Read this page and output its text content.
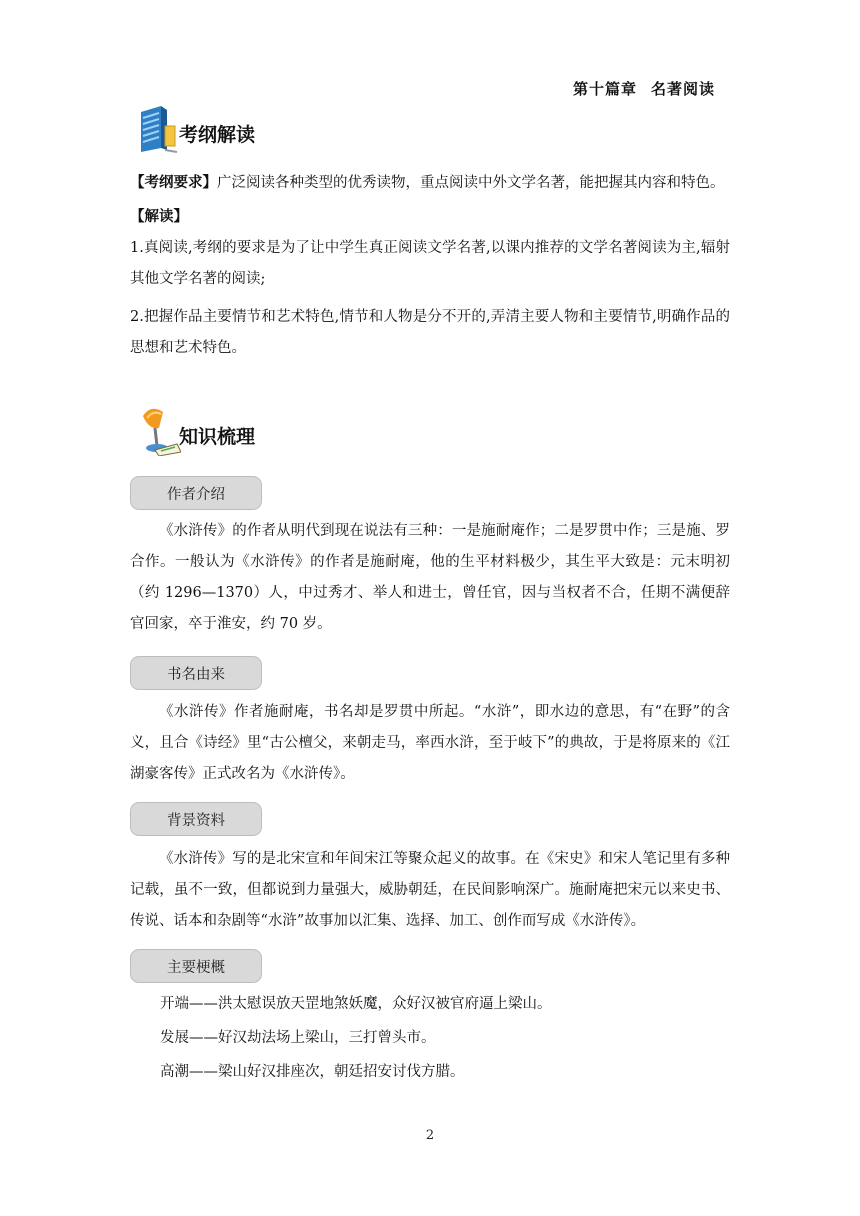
第十篇章 名著阅读
考纲解读
【考纲要求】广泛阅读各种类型的优秀读物，重点阅读中外文学名著，能把握其内容和特色。
【解读】
1.真阅读,考纲的要求是为了让中学生真正阅读文学名著,以课内推荐的文学名著阅读为主,辐射其他文学名著的阅读;
2.把握作品主要情节和艺术特色,情节和人物是分不开的,弄清主要人物和主要情节,明确作品的思想和艺术特色。
知识梳理
作者介绍
《水浒传》的作者从明代到现在说法有三种：一是施耐庵作；二是罗贯中作；三是施、罗合作。一般认为《水浒传》的作者是施耐庵，他的生平材料极少，其生平大致是：元末明初（约 1296—1370）人，中过秀才、举人和进士，曾任官，因与当权者不合，任期不满便辞官回家，卒于淮安，约 70 岁。
书名由来
《水浒传》作者施耐庵，书名却是罗贯中所起。“水浒”，即水边的意思，有“在野”的含义，且合《诗经》里“古公檀父，来朝走马，率西水浒，至于岐下”的典故，于是将原来的《江湖豪客传》正式改名为《水浒传》。
背景资料
《水浒传》写的是北宋宣和年间宋江等聚众起义的故事。在《宋史》和宋人笔记里有多种记载，虽不一致，但都说到力量强大，威胁朝廷，在民间影响深广。施耐庵把宋元以来史书、传说、话本和杂剧等“水浒”故事加以汇集、选择、加工、创作而写成《水浒传》。
主要梗概
开端——洪太慰误放天罡地煞妖魔，众好汉被官府逼上梁山。
发展——好汉劫法场上梁山，三打曾头市。
高潮——梁山好汉排座次，朝廷招安讨伐方腊。
2
